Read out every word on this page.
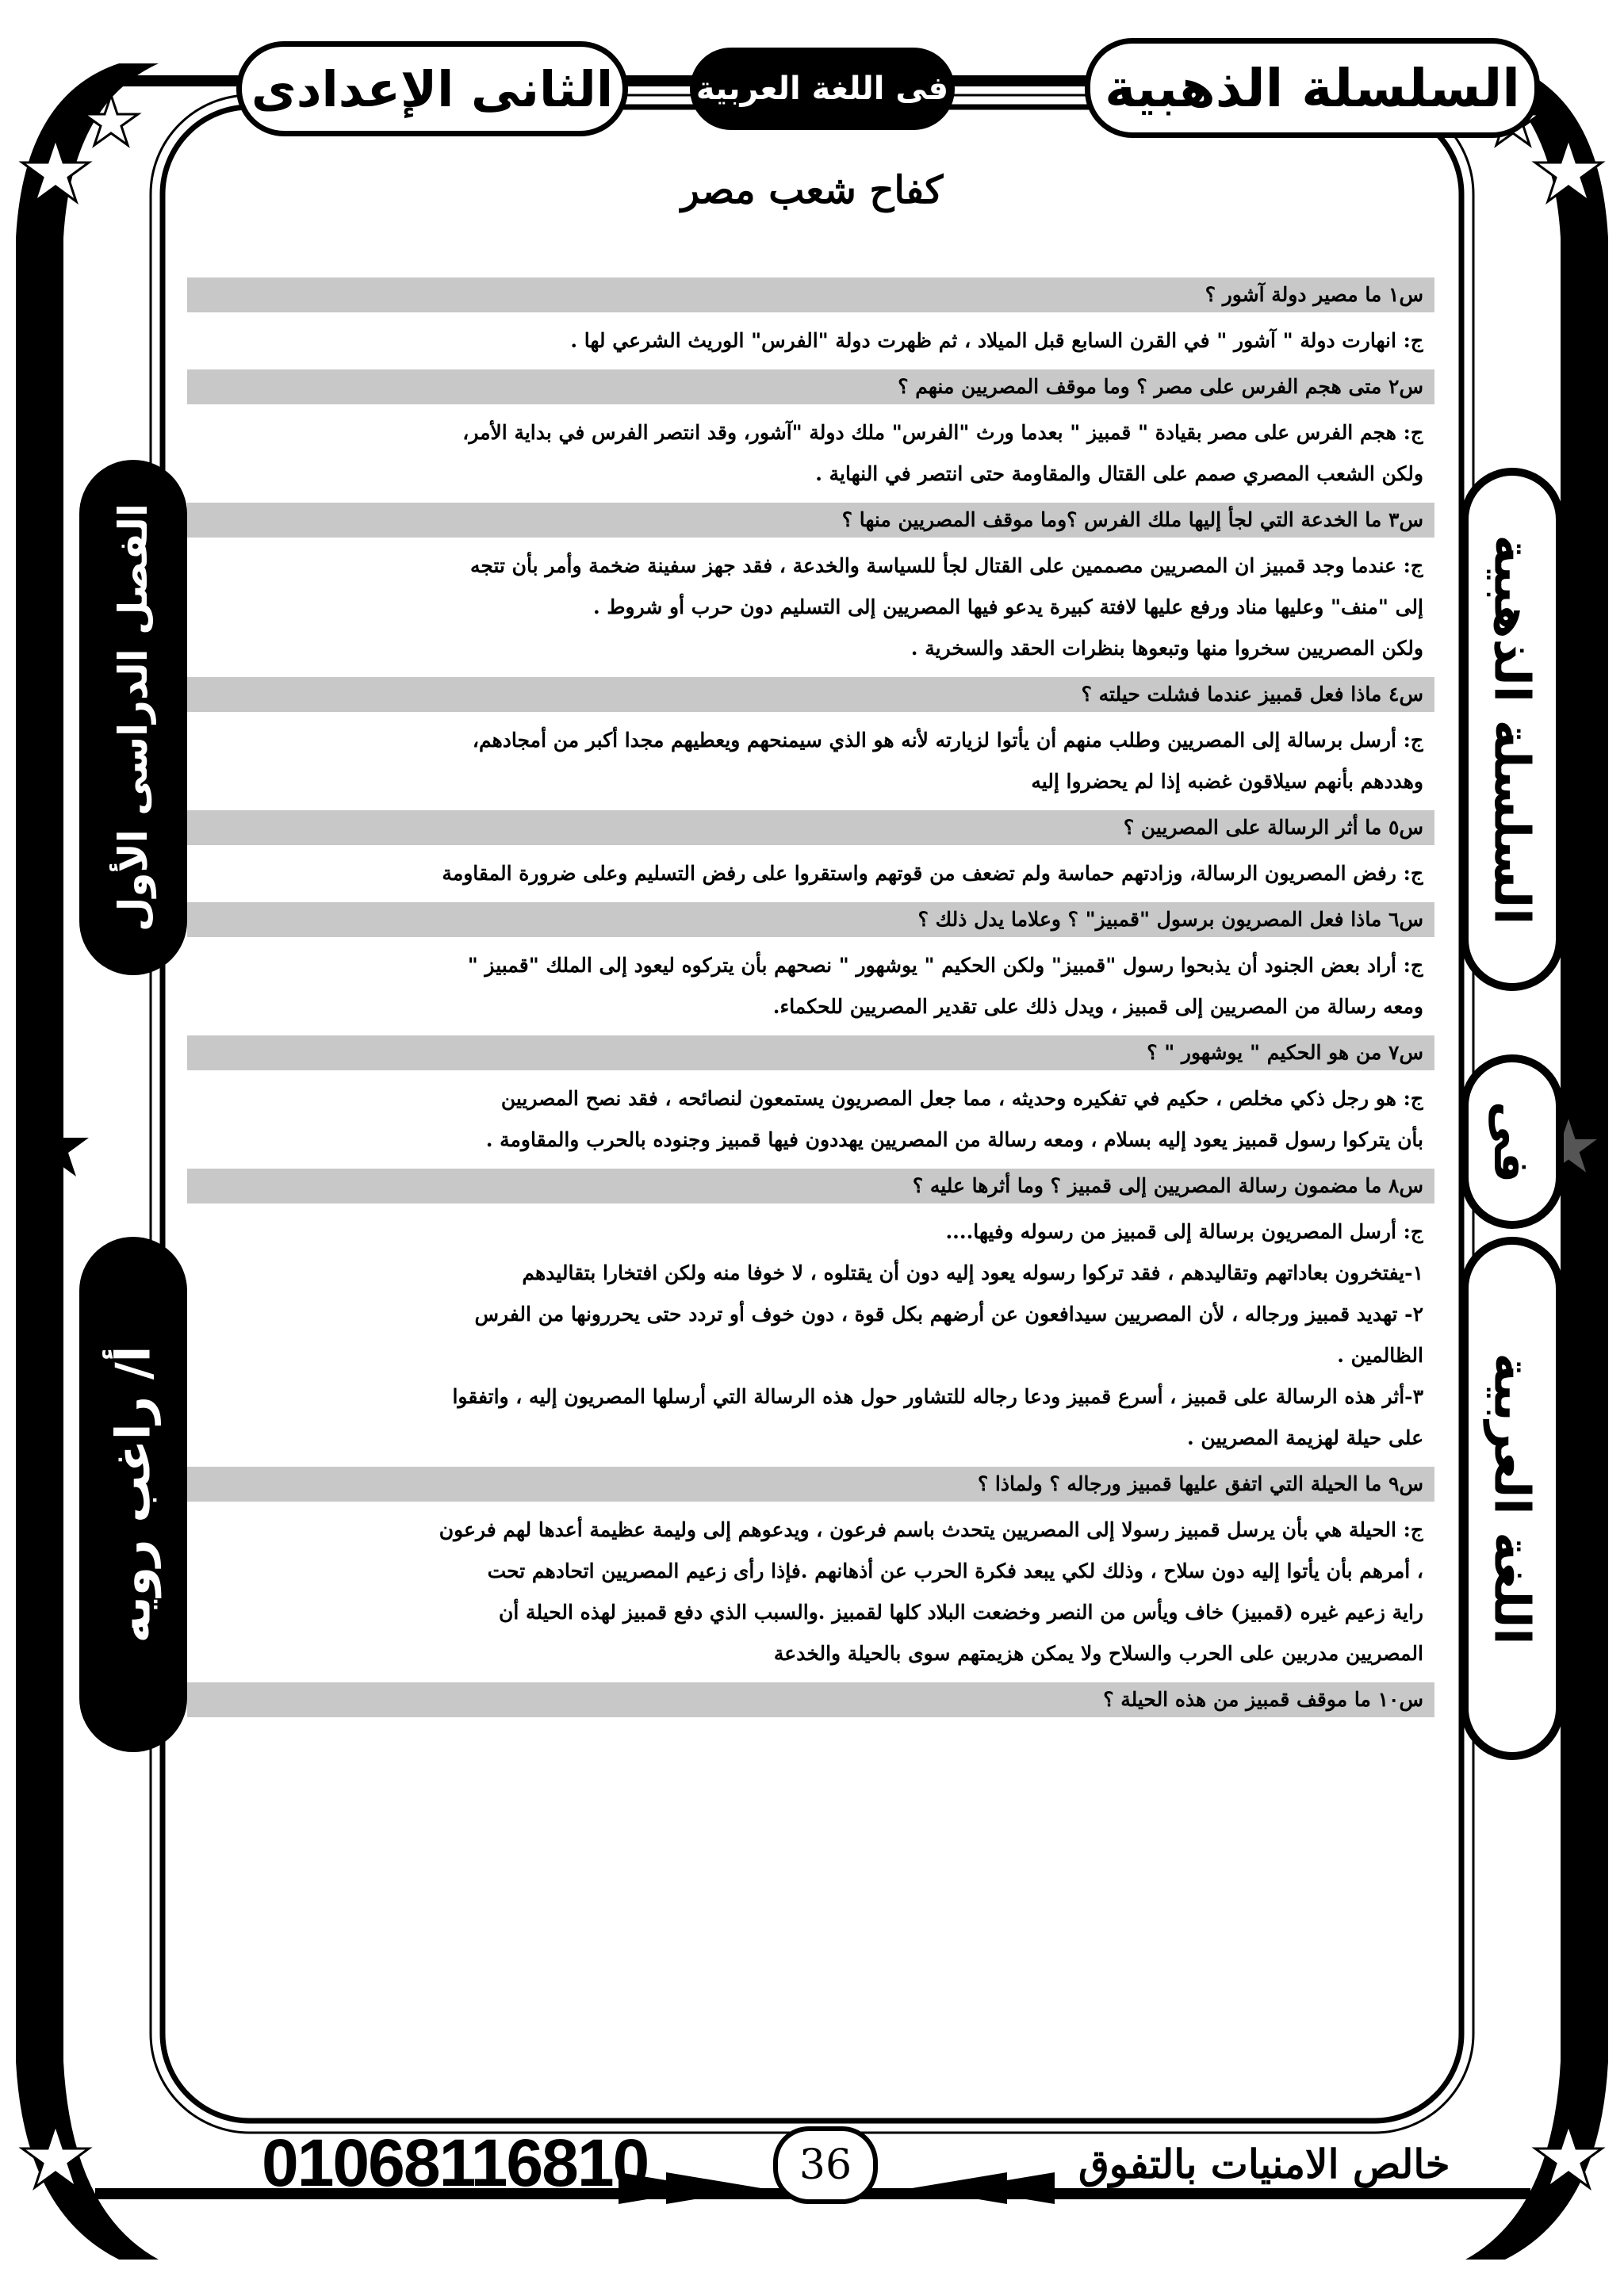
السلسلة الذهبية
فى اللغة العربية
الثانى الإعدادى
كفاح شعب مصر
الفصل الدراسى الأول
أ/ راغب رويه
السلسلة الذهبية
فى
اللغة العربية
س١ ما مصير دولة آشور ؟
ج: انهارت دولة " آشور " في القرن السابع قبل الميلاد ، ثم ظهرت دولة "الفرس" الوريث الشرعي لها .
س٢ متى هجم الفرس على مصر ؟ وما موقف المصريين منهم ؟
ج: هجم الفرس على مصر بقيادة " قمبيز " بعدما ورث "الفرس" ملك دولة "آشور، وقد انتصر الفرس في بداية الأمر،
ولكن الشعب المصري صمم على القتال والمقاومة حتى انتصر في النهاية .
س٣ ما الخدعة التي لجأ إليها ملك الفرس ؟وما موقف المصريين منها ؟
ج: عندما وجد قمبيز ان المصريين مصممين على القتال لجأ للسياسة والخدعة ، فقد جهز سفينة ضخمة وأمر بأن تتجه
إلى "منف" وعليها مناد ورفع عليها لافتة كبيرة يدعو فيها المصريين إلى التسليم دون حرب أو شروط .
ولكن المصريين سخروا منها وتبعوها بنظرات الحقد والسخرية .
س٤ ماذا فعل قمبيز عندما فشلت حيلته ؟
ج: أرسل برسالة إلى المصريين وطلب منهم أن يأتوا لزيارته لأنه هو الذي سيمنحهم ويعطيهم مجدا أكبر من أمجادهم،
وهددهم بأنهم سيلاقون غضبه إذا لم يحضروا إليه
س٥ ما أثر الرسالة على المصريين ؟
ج: رفض المصريون الرسالة، وزادتهم حماسة ولم تضعف من قوتهم واستقروا على رفض التسليم وعلى ضرورة المقاومة
س٦ ماذا فعل المصريون برسول "قمبيز" ؟ وعلاما يدل ذلك ؟
ج: أراد بعض الجنود أن يذبحوا رسول "قمبيز" ولكن الحكيم " يوشهور " نصحهم بأن يتركوه ليعود إلى الملك "قمبيز "
ومعه رسالة من المصريين إلى قمبيز ، ويدل ذلك على تقدير المصريين للحكماء.
س٧ من هو الحكيم " يوشهور " ؟
ج: هو رجل ذكي مخلص ، حكيم في تفكيره وحديثه ، مما جعل المصريون يستمعون لنصائحه ، فقد نصح المصريين
بأن يتركوا رسول قمبيز يعود إليه بسلام ، ومعه رسالة من المصريين يهددون فيها قمبيز وجنوده بالحرب والمقاومة .
س٨ ما مضمون رسالة المصريين إلى قمبيز ؟ وما أثرها عليه ؟
ج: أرسل المصريون برسالة إلى قمبيز من رسوله وفيها....
١-يفتخرون بعاداتهم وتقاليدهم ، فقد تركوا رسوله يعود إليه دون أن يقتلوه ، لا خوفا منه ولكن افتخارا بتقاليدهم
٢- تهديد قمبيز ورجاله ، لأن المصريين سيدافعون عن أرضهم بكل قوة ، دون خوف أو تردد حتى يحررونها من الفرس
الظالمين .
٣-أثر هذه الرسالة على قمبيز ، أسرع قمبيز ودعا رجاله للتشاور حول هذه الرسالة التي أرسلها المصريون إليه ، واتفقوا
على حيلة لهزيمة المصريين .
س٩ ما الحيلة التي اتفق عليها قمبيز ورجاله ؟ ولماذا ؟
ج: الحيلة هي بأن يرسل قمبيز رسولا إلى المصريين يتحدث باسم فرعون ، ويدعوهم إلى وليمة عظيمة أعدها لهم فرعون
، أمرهم بأن يأتوا إليه دون سلاح ، وذلك لكي يبعد فكرة الحرب عن أذهانهم .فإذا رأى زعيم المصريين اتحادهم تحت
راية زعيم غيره (قمبيز) خاف ويأس من النصر وخضعت البلاد كلها لقمبيز .والسبب الذي دفع قمبيز لهذه الحيلة أن
المصريين مدربين على الحرب والسلاح ولا يمكن هزيمتهم سوى بالحيلة والخدعة
س١٠ ما موقف قمبيز من هذه الحيلة ؟
01068116810	36	خالص الامنيات بالتفوق
